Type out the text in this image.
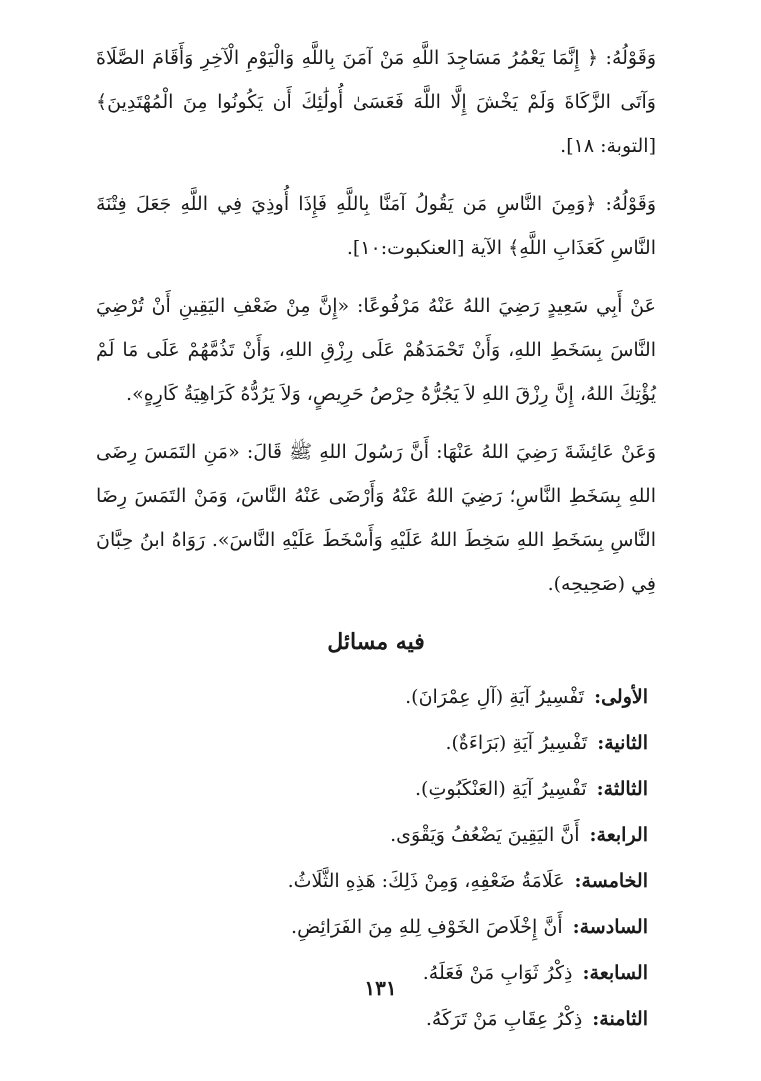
وَقَوْلُهُ: ﴿ إِنَّمَا يَعْمُرُ مَسَاجِدَ اللَّهِ مَنْ آمَنَ بِاللَّهِ وَالْيَوْمِ الْآخِرِ وَأَقَامَ الصَّلَاةَ وَآتَى الزَّكَاةَ وَلَمْ يَخْشَ إِلَّا اللَّهَ فَعَسَىٰ أُولَٰئِكَ أَن يَكُونُوا مِنَ الْمُهْتَدِينَ﴾ [التوبة: ١٨].

وَقَوْلُهُ: ﴿وَمِنَ النَّاسِ مَن يَقُولُ آمَنَّا بِاللَّهِ فَإِذَا أُوذِيَ فِي اللَّهِ جَعَلَ فِتْنَةَ النَّاسِ كَعَذَابِ اللَّهِ﴾ الآية [العنكبوت:١٠].

عَنْ أَبِي سَعِيدٍ رَضِيَ اللهُ عَنْهُ مَرْفُوعًا: «إِنَّ مِنْ ضَعْفِ اليَقِينِ أَنْ تُرْضِيَ النَّاسَ بِسَخَطِ اللهِ، وَأَنْ تَحْمَدَهُمْ عَلَى رِزْقِ اللهِ، وَأَنْ تَذُمَّهُمْ عَلَى مَا لَمْ يُؤْتِكَ اللهُ، إِنَّ رِزْقَ اللهِ لاَ يَجُرُّهُ حِرْصُ حَرِيصٍ، وَلاَ يَرُدُّهُ كَرَاهِيَةُ كَارِهٍ».

وَعَنْ عَائِشَةَ رَضِيَ اللهُ عَنْهَا: أَنَّ رَسُولَ اللهِ ﷺ قَالَ: «مَنِ التَمَسَ رِضَى اللهِ بِسَخَطِ النَّاسِ؛ رَضِيَ اللهُ عَنْهُ وَأَرْضَى عَنْهُ النَّاسَ، وَمَنْ التَمَسَ رِضَا النَّاسِ بِسَخَطِ اللهِ سَخِطَ اللهُ عَلَيْهِ وَأَسْخَطَ عَلَيْهِ النَّاسَ». رَوَاهُ ابنُ حِبَّانَ فِي (صَحِيحِه).

فيه مسائل
الأولى:تَفْسِيرُ آيَةِ (آلِ عِمْرَانَ).
الثانية:تَفْسِيرُ آيَةِ (بَرَاءَةٌ).
الثالثة:تَفْسِيرُ آيَةِ (العَنْكَبُوتِ).
الرابعة:أَنَّ اليَقِينَ يَضْعُفُ وَيَقْوَى.
الخامسة:عَلَامَةُ ضَعْفِهِ، وَمِنْ ذَلِكَ: هَذِهِ الثَّلَاثُ.
السادسة:أَنَّ إِخْلَاصَ الخَوْفِ لِلهِ مِنَ الفَرَائِضِ.
السابعة:ذِكْرُ ثَوَابِ مَنْ فَعَلَهُ.
الثامنة:ذِكْرُ عِقَابِ مَنْ تَرَكَهُ.
١٣١
